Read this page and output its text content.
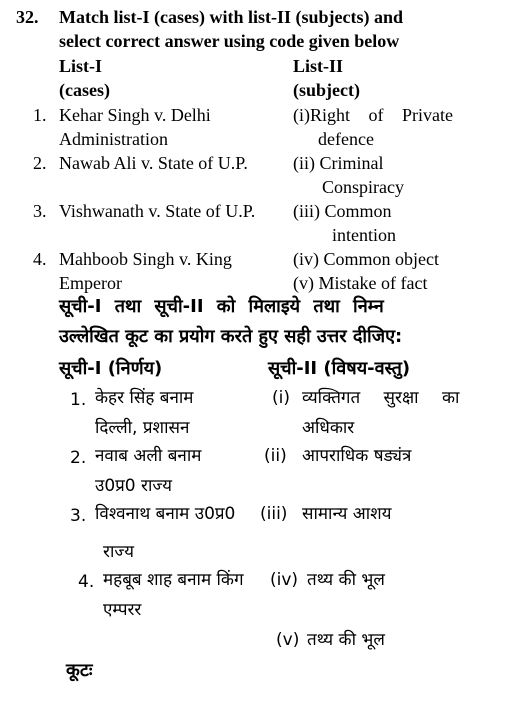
32. Match list-I (cases) with list-II (subjects) and
select correct answer using code given below
List-I
(cases)
List-II
(subject)
1. Kehar Singh v. Delhi
Administration
2. Nawab Ali v. State of U.P.
3. Vishwanath v. State of U.P.
4. Mahboob Singh v. King
Emperor
(i)Right of Private
defence
(ii) Criminal
Conspiracy
(iii) Common
intention
(iv) Common object
(v) Mistake of fact
सूची-I तथा सूची-II को मिलाइये तथा निम्न
उल्लेखित कूट का प्रयोग करते हुए सही उत्तर दीजिए:
सूची-I (निर्णय)	सूची-II (विषय-वस्तु)
1. केहर सिंह बनाम
दिल्ली, प्रशासन
2. नवाब अली बनाम
उ0प्र0 राज्य
3. विश्वनाथ बनाम उ0प्र0
राज्य
4. महबूब शाह बनाम किंग
एम्परर
(i) व्यक्तिगत सुरक्षा का
अधिकार
(ii) आपराधिक षड्यंत्र
(iii) सामान्य आशय
(iv) तथ्य की भूल
(v) तथ्य की भूल
कूटः
